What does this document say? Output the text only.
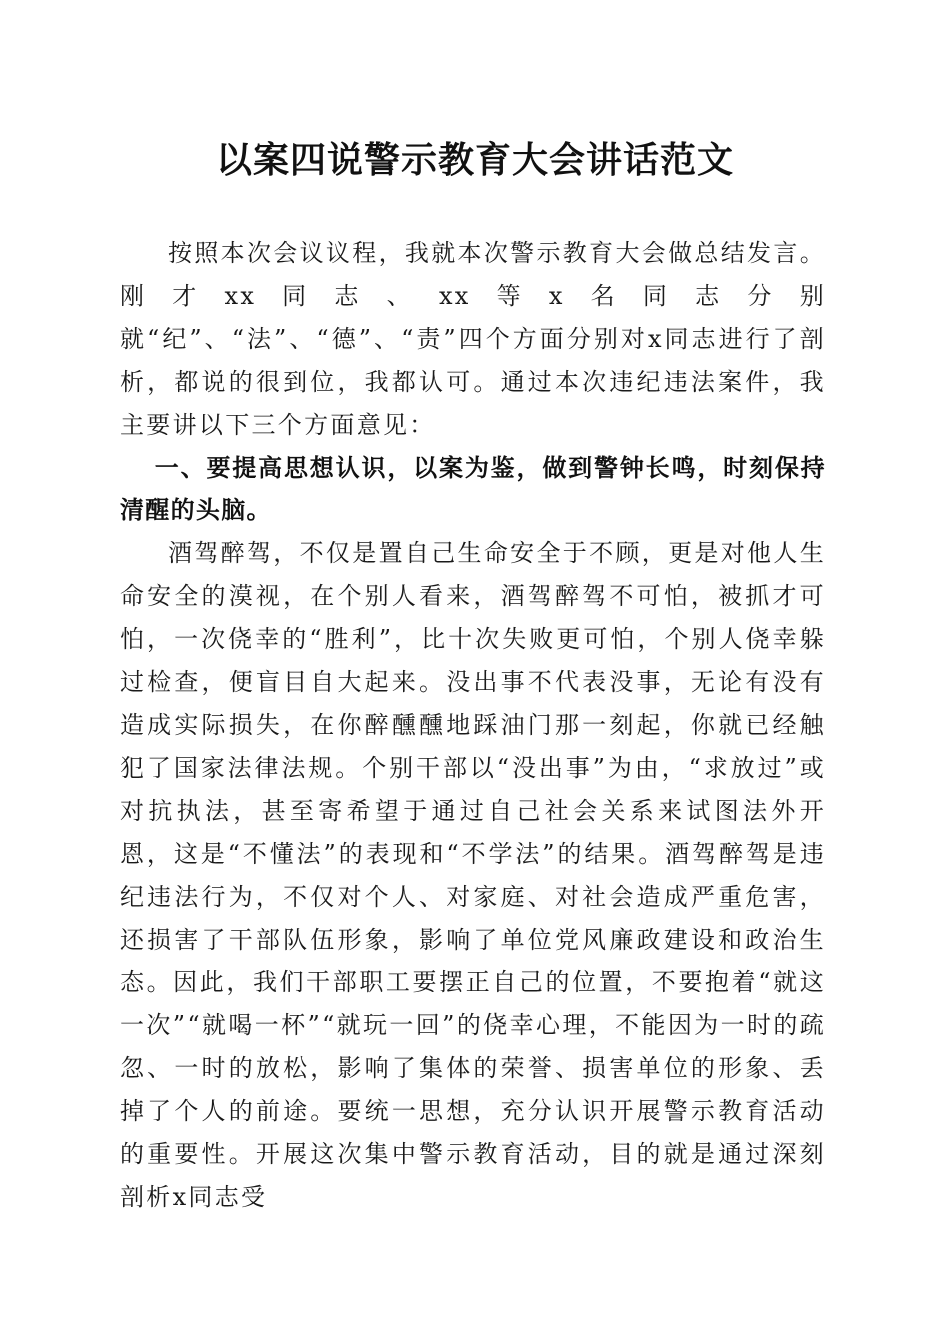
以案四说警示教育大会讲话范文

按照本次会议议程，我就本次警示教育大会做总结发言。刚才xx同志、xx等x名同志分别就“纪”、“法”、“德”、“责”四个方面分别对x同志进行了剖析，都说的很到位，我都认可。通过本次违纪违法案件，我主要讲以下三个方面意见：

一、要提高思想认识，以案为鉴，做到警钟长鸣，时刻保持清醒的头脑。

酒驾醉驾，不仅是置自己生命安全于不顾，更是对他人生命安全的漠视，在个别人看来，酒驾醉驾不可怕，被抓才可怕，一次侥幸的“胜利”，比十次失败更可怕，个别人侥幸躲过检查，便盲目自大起来。没出事不代表没事，无论有没有造成实际损失，在你醉醺醺地踩油门那一刻起，你就已经触犯了国家法律法规。个别干部以“没出事”为由，“求放过”或对抗执法，甚至寄希望于通过自己社会关系来试图法外开恩，这是“不懂法”的表现和“不学法”的结果。酒驾醉驾是违纪违法行为，不仅对个人、对家庭、对社会造成严重危害，还损害了干部队伍形象，影响了单位党风廉政建设和政治生态。因此，我们干部职工要摆正自己的位置，不要抱着“就这一次”“就喝一杯”“就玩一回”的侥幸心理，不能因为一时的疏忽、一时的放松，影响了集体的荣誉、损害单位的形象、丢掉了个人的前途。要统一思想，充分认识开展警示教育活动的重要性。开展这次集中警示教育活动，目的就是通过深刻剖析x同志受
